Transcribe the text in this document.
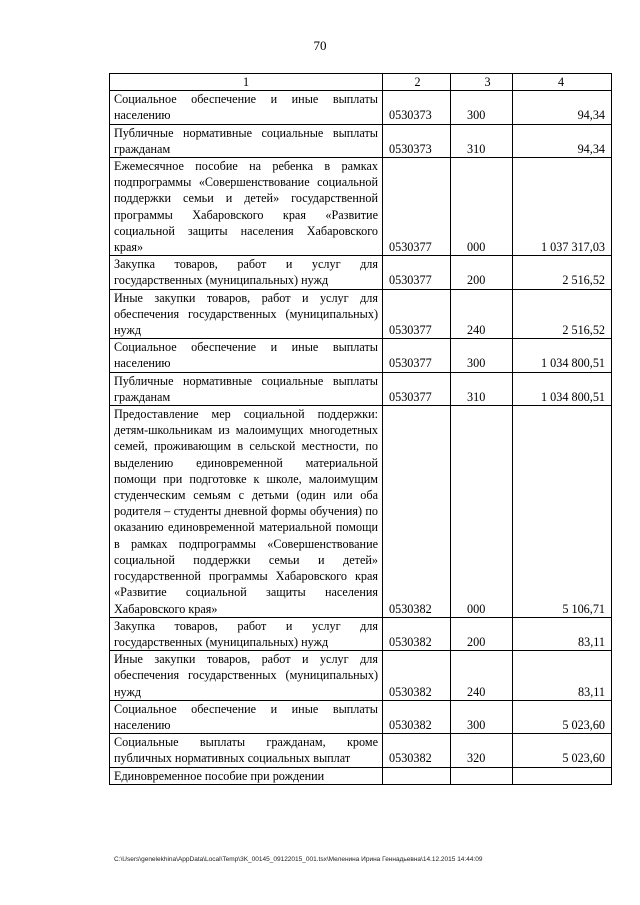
70
1	2	3	4
Социальное обеспечение и иные выплаты населению	0530373	300	94,34
Публичные нормативные социальные выплаты гражданам	0530373	310	94,34
Ежемесячное пособие на ребенка в рамках подпрограммы «Совершенствование социальной поддержки семьи и детей» государственной программы Хабаровского края «Развитие социальной защиты населения Хабаровского края»	0530377	000	1 037 317,03
Закупка товаров, работ и услуг для государственных (муниципальных) нужд	0530377	200	2 516,52
Иные закупки товаров, работ и услуг для обеспечения государственных (муниципальных) нужд	0530377	240	2 516,52
Социальное обеспечение и иные выплаты населению	0530377	300	1 034 800,51
Публичные нормативные социальные выплаты гражданам	0530377	310	1 034 800,51
Предоставление мер социальной поддержки: детям-школьникам из малоимущих многодетных семей, проживающим в сельской местности, по выделению единовременной материальной помощи при подготовке к школе, малоимущим студенческим семьям с детьми (один или оба родителя – студенты дневной формы обучения) по оказанию единовременной материальной помощи в рамках подпрограммы «Совершенствование социальной поддержки семьи и детей» государственной программы Хабаровского края «Развитие социальной защиты населения Хабаровского края»	0530382	000	5 106,71
Закупка товаров, работ и услуг для государственных (муниципальных) нужд	0530382	200	83,11
Иные закупки товаров, работ и услуг для обеспечения государственных (муниципальных) нужд	0530382	240	83,11
Социальное обеспечение и иные выплаты населению	0530382	300	5 023,60
Социальные выплаты гражданам, кроме публичных нормативных социальных выплат	0530382	320	5 023,60
Единовременное пособие при рождении			
C:\Users\genelekhina\AppData\Local\Temp\3K_00145_09122015_001.tsx\Меленина Ирина Геннадьевна\14.12.2015 14:44:09
